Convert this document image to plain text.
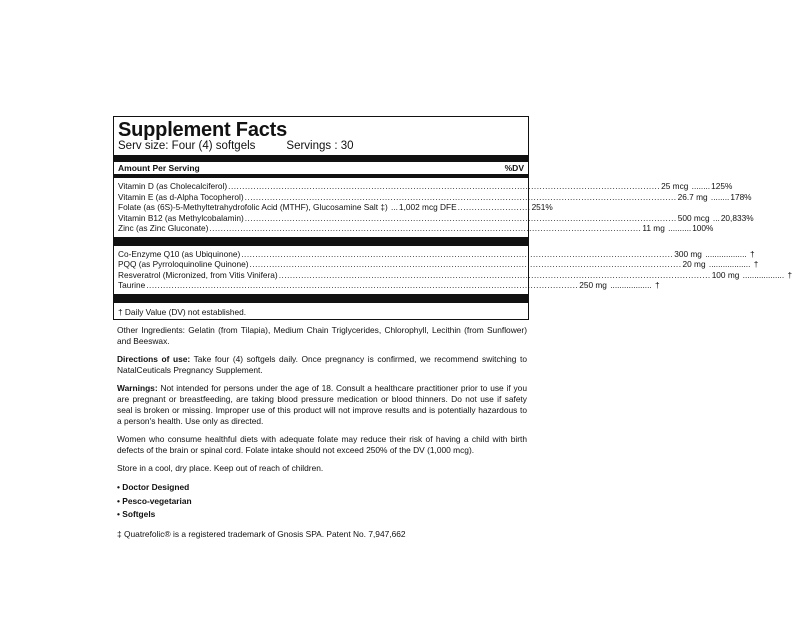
Supplement Facts
Serv size: Four (4) softgels	Servings : 30
Amount Per Serving	%DV
Vitamin D (as Cholecalciferol) .......................................................................................................................................................... 25 mcg ........ 125%
Vitamin E (as d-Alpha Tocopherol) .......................................................................................................................................................... 26.7 mg ........ 178%
Folate (as (6S)-5-Methyltetrahydrofolic Acid (MTHF), Glucosamine Salt ‡) ... 1,002 mcg DFE .......................... 251%
Vitamin B12 (as Methylcobalamin) .......................................................................................................................................................... 500 mcg ... 20,833%
Zinc (as Zinc Gluconate) .......................................................................................................................................................... 11 mg .......... 100%
Co-Enzyme Q10 (as Ubiquinone) .......................................................................................................................................................... 300 mg .................. †
PQQ (as Pyrroloquinoline Quinone) .......................................................................................................................................................... 20 mg .................. †
Resveratrol (Micronized, from Vitis Vinifera) .......................................................................................................................................................... 100 mg .................. †
Taurine .......................................................................................................................................................... 250 mg .................. †
† Daily Value (DV) not established.

Other Ingredients: Gelatin (from Tilapia), Medium Chain Triglycerides, Chlorophyll, Lecithin (from Sunflower) and Beeswax.

Directions of use: Take four (4) softgels daily. Once pregnancy is confirmed, we recommend switching to NatalCeuticals Pregnancy Supplement.

Warnings: Not intended for persons under the age of 18. Consult a healthcare practitioner prior to use if you are pregnant or breastfeeding, are taking blood pressure medication or blood thinners. Do not use if safety seal is broken or missing. Improper use of this product will not improve results and is potentially hazardous to a person's health. Use only as directed.

Women who consume healthful diets with adequate folate may reduce their risk of having a child with birth defects of the brain or spinal cord. Folate intake should not exceed 250% of the DV (1,000 mcg).

Store in a cool, dry place. Keep out of reach of children.

• Doctor Designed
• Pesco-vegetarian
• Softgels

‡ Quatrefolic® is a registered trademark of Gnosis SPA. Patent No. 7,947,662
